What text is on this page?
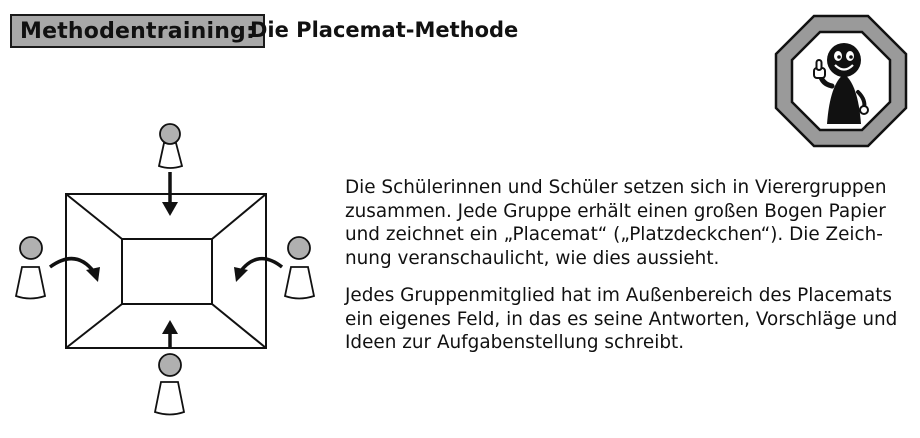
Methodentraining:
Die Placemat-Methode
Die Schülerinnen und Schüler setzen sich in Vierergruppen
zusammen. Jede Gruppe erhält einen großen Bogen Papier
und zeichnet ein „Placemat“ („Platzdeckchen“). Die Zeich-
nung veranschaulicht, wie dies aussieht.
Jedes Gruppenmitglied hat im Außenbereich des Placemats
ein eigenes Feld, in das es seine Antworten, Vorschläge und
Ideen zur Aufgabenstellung schreibt.
